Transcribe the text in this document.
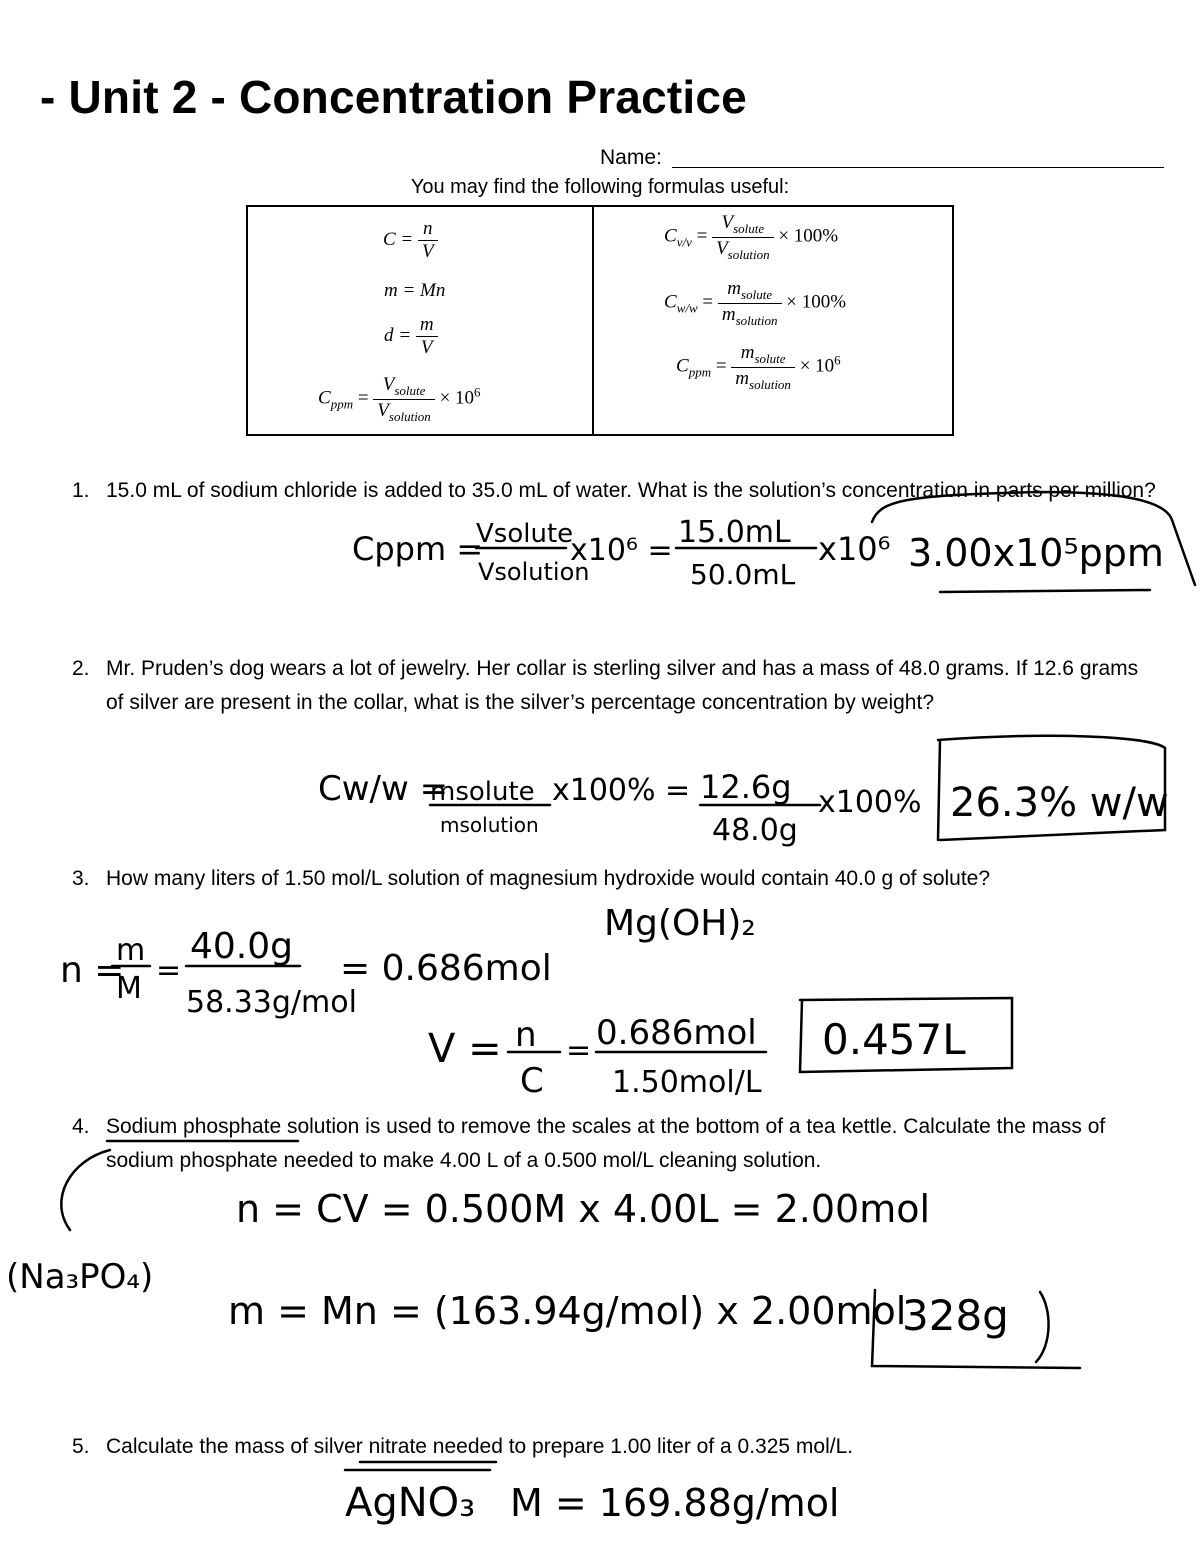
- Unit 2 - Concentration Practice
Name:
You may find the following formulas useful:
$C = \frac{n}{V}$
m = Mn
$d = \frac{m}{V}$
$C_{ppm} = \frac{V_{solute}}{V_{solution}} \times 10^6$
$C_{v/v} = \frac{V_{solute}}{V_{solution}} \times 100\%$
$C_{w/w} = \frac{m_{solute}}{m_{solution}} \times 100\%$
$C_{ppm} = \frac{m_{solute}}{m_{solution}} \times 10^6$
1. 15.0 mL of sodium chloride is added to 35.0 mL of water. What is the solution’s concentration in parts per million?
2. Mr. Pruden’s dog wears a lot of jewelry. Her collar is sterling silver and has a mass of 48.0 grams. If 12.6 grams of silver are present in the collar, what is the silver’s percentage concentration by weight?
3. How many liters of 1.50 mol/L solution of magnesium hydroxide would contain 40.0 g of solute?
4. Sodium phosphate solution is used to remove the scales at the bottom of a tea kettle. Calculate the mass of sodium phosphate needed to make 4.00 L of a 0.500 mol/L cleaning solution.
5. Calculate the mass of silver nitrate needed to prepare 1.00 liter of a 0.325 mol/L.
Cppm =
Vsolute
Vsolution
x10⁶ =
15.0mL
50.0mL
x10⁶ 3.00x10⁵ppm
Cw/w =
msolute
msolution
x100% = 12.6g
48.0g
x100% 26.3% w/w
Mg(OH)₂
n =
m
M
=
40.0g
58.33g/mol
= 0.686mol
V = n
C
= 0.686mol
1.50mol/L
0.457L
(Na₃PO₄)
n = CV = 0.500M x 4.00L = 2.00mol
m = Mn = (163.94g/mol) x 2.00mol
328g
AgNO₃ M = 169.88g/mol
